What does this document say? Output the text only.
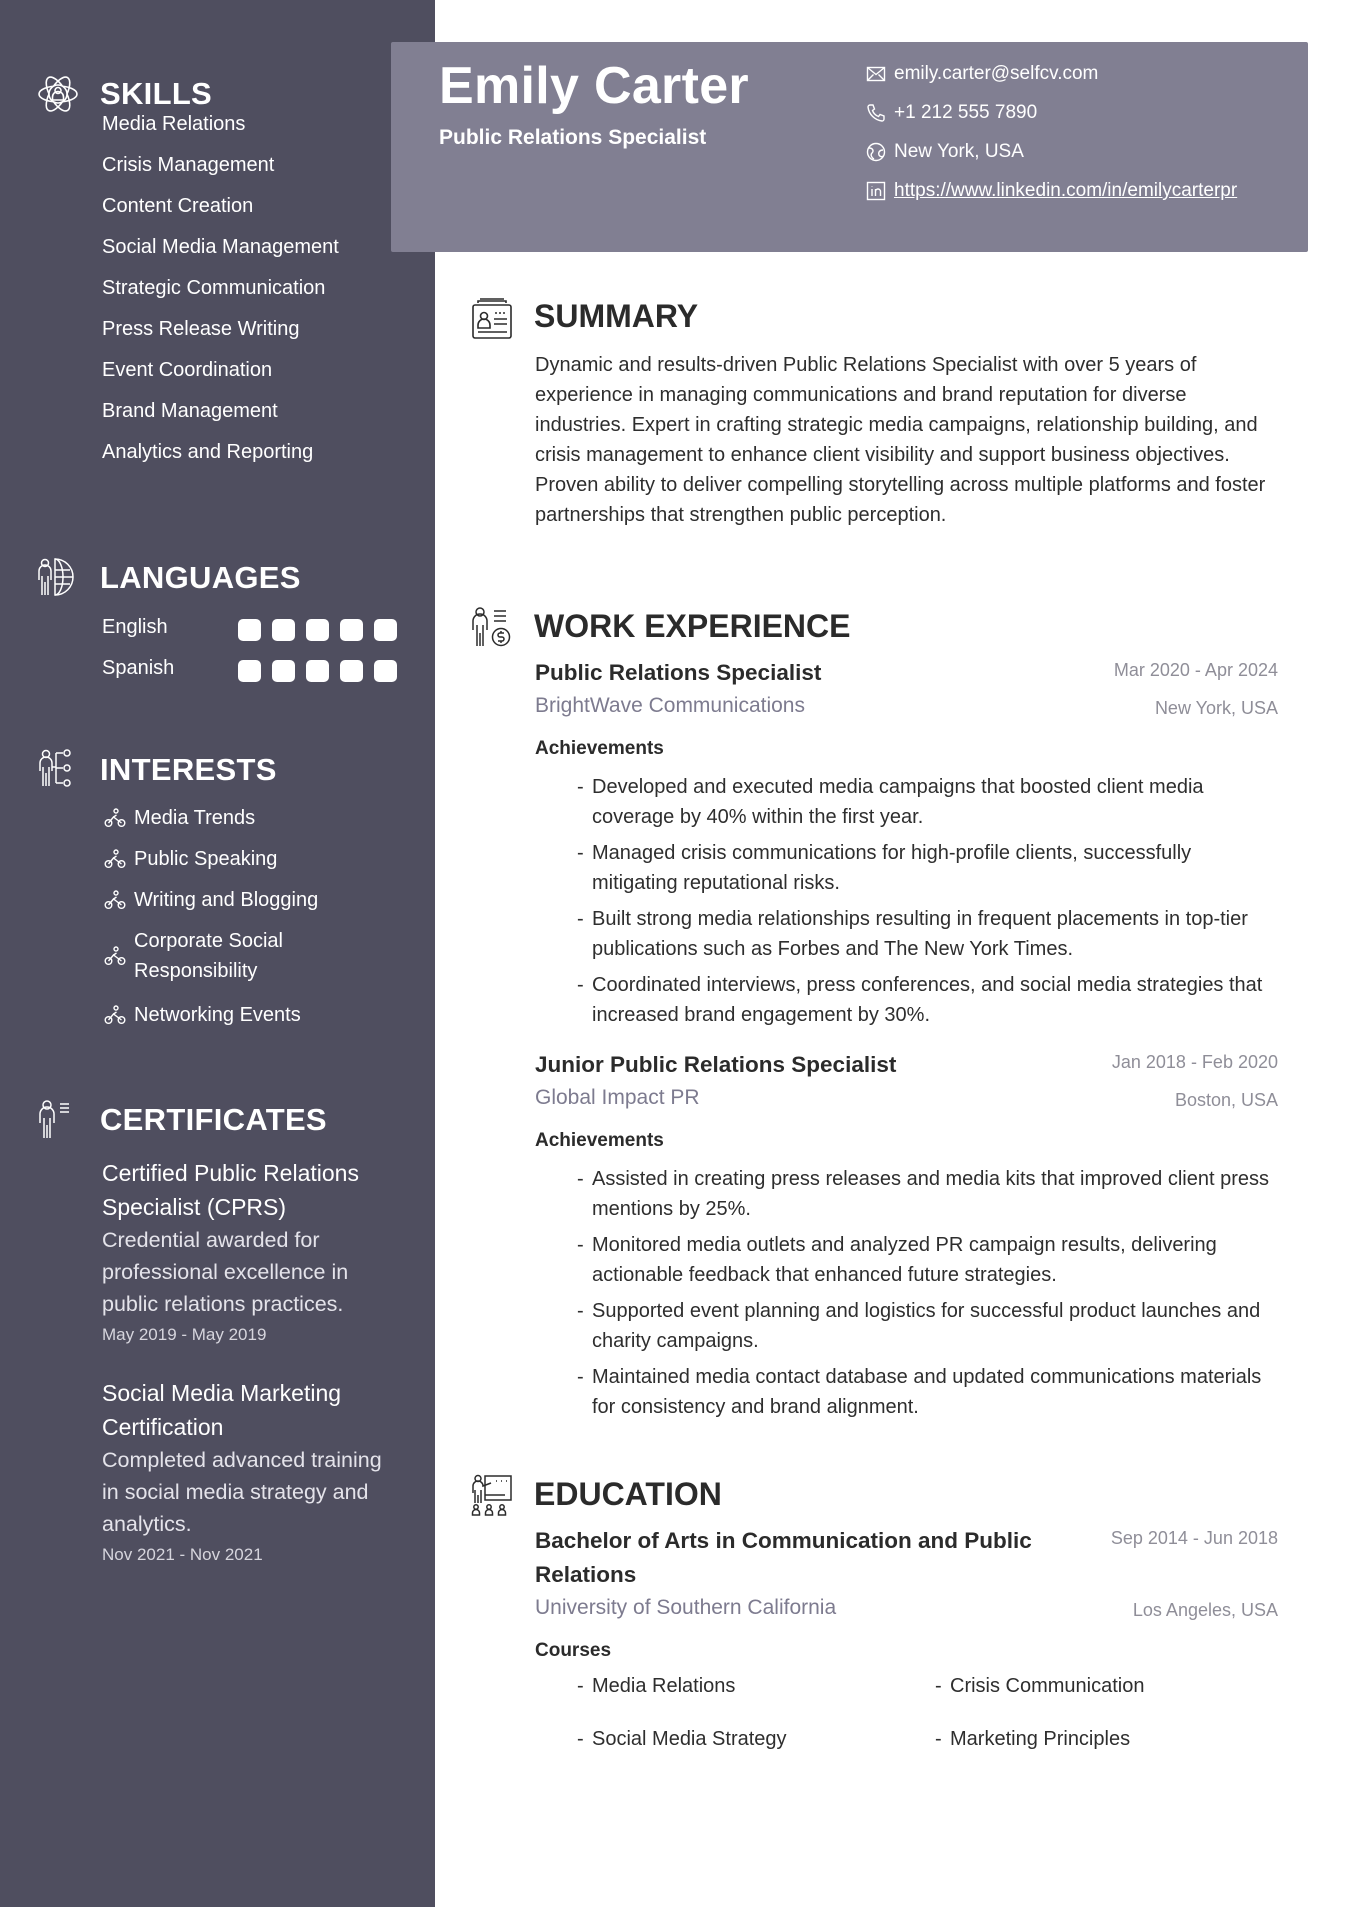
SKILLS
Media Relations
Crisis Management
Content Creation
Social Media Management
Strategic Communication
Press Release Writing
Event Coordination
Brand Management
Analytics and Reporting
LANGUAGES
English
Spanish
INTERESTS
Media Trends
Public Speaking
Writing and Blogging
Corporate Social Responsibility
Networking Events
CERTIFICATES
Certified Public Relations Specialist (CPRS)
Credential awarded for professional excellence in public relations practices.
May 2019 - May 2019
Social Media Marketing Certification
Completed advanced training in social media strategy and analytics.
Nov 2021 - Nov 2021
Emily Carter
Public Relations Specialist
emily.carter@selfcv.com
+1 212 555 7890
New York, USA
https://www.linkedin.com/in/emilycarterpr
SUMMARY

Dynamic and results-driven Public Relations Specialist with over 5 years of experience in managing communications and brand reputation for diverse industries. Expert in crafting strategic media campaigns, relationship building, and crisis management to enhance client visibility and support business objectives. Proven ability to deliver compelling storytelling across multiple platforms and foster partnerships that strengthen public perception.

WORK EXPERIENCE
Public Relations Specialist	Mar 2020 - Apr 2024
BrightWave Communications	New York, USA
Achievements
- Developed and executed media campaigns that boosted client media coverage by 40% within the first year.
- Managed crisis communications for high-profile clients, successfully mitigating reputational risks.
- Built strong media relationships resulting in frequent placements in top-tier publications such as Forbes and The New York Times.
- Coordinated interviews, press conferences, and social media strategies that increased brand engagement by 30%.
Junior Public Relations Specialist	Jan 2018 - Feb 2020
Global Impact PR	Boston, USA
Achievements
- Assisted in creating press releases and media kits that improved client press mentions by 25%.
- Monitored media outlets and analyzed PR campaign results, delivering actionable feedback that enhanced future strategies.
- Supported event planning and logistics for successful product launches and charity campaigns.
- Maintained media contact database and updated communications materials for consistency and brand alignment.
EDUCATION
Bachelor of Arts in Communication and Public Relations
Sep 2014 - Jun 2018
University of Southern California	Los Angeles, USA
Courses
- Media Relations	- Crisis Communication
- Social Media Strategy	- Marketing Principles
